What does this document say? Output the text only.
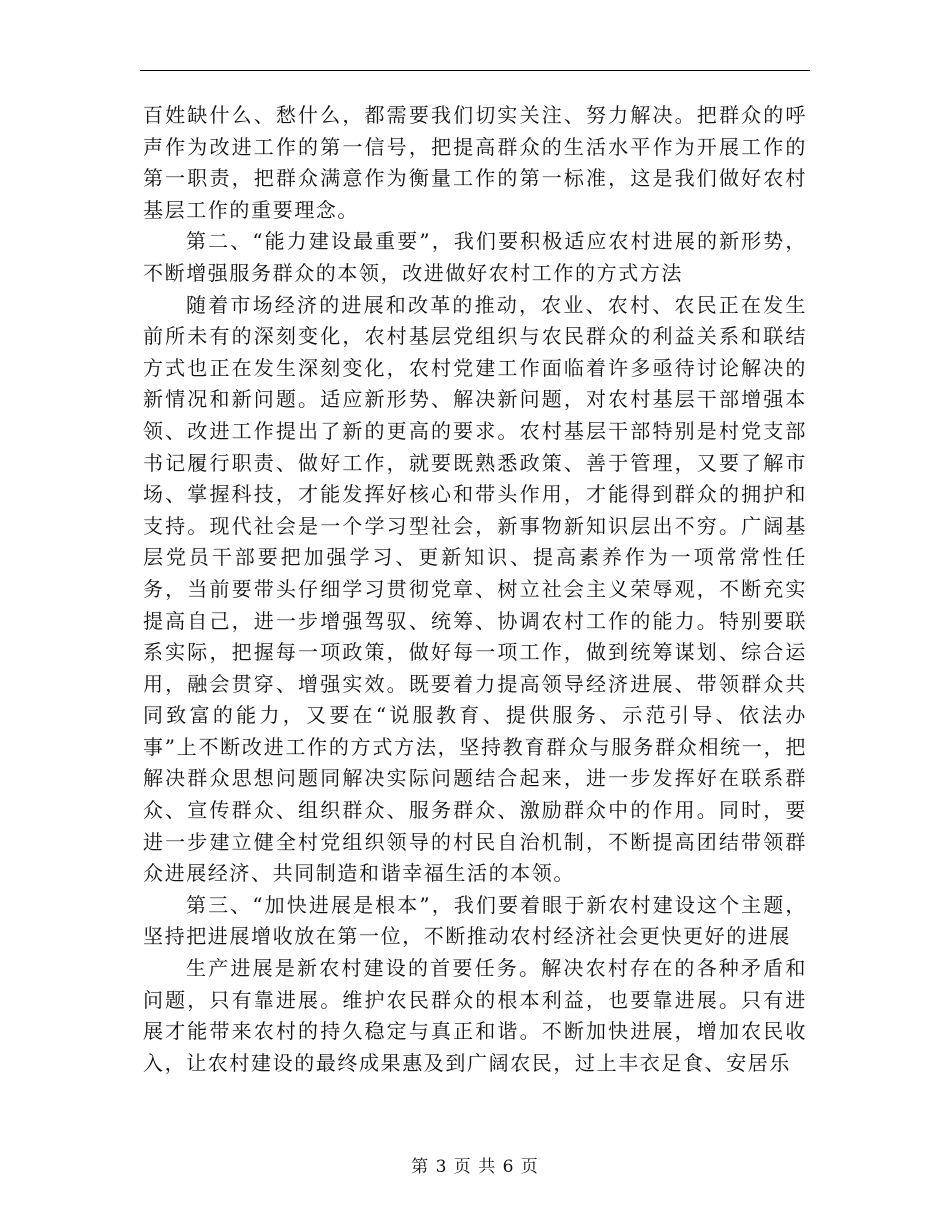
百姓缺什么、愁什么，都需要我们切实关注、努力解决。把群众的呼声作为改进工作的第一信号，把提高群众的生活水平作为开展工作的第一职责，把群众满意作为衡量工作的第一标准，这是我们做好农村基层工作的重要理念。

第二、“能力建设最重要”，我们要积极适应农村进展的新形势，不断增强服务群众的本领，改进做好农村工作的方式方法

随着市场经济的进展和改革的推动，农业、农村、农民正在发生前所未有的深刻变化，农村基层党组织与农民群众的利益关系和联结方式也正在发生深刻变化，农村党建工作面临着许多亟待讨论解决的新情况和新问题。适应新形势、解决新问题，对农村基层干部增强本领、改进工作提出了新的更高的要求。农村基层干部特别是村党支部书记履行职责、做好工作，就要既熟悉政策、善于管理，又要了解市场、掌握科技，才能发挥好核心和带头作用，才能得到群众的拥护和支持。现代社会是一个学习型社会，新事物新知识层出不穷。广阔基层党员干部要把加强学习、更新知识、提高素养作为一项常常性任务，当前要带头仔细学习贯彻党章、树立社会主义荣辱观，不断充实提高自己，进一步增强驾驭、统筹、协调农村工作的能力。特别要联系实际，把握每一项政策，做好每一项工作，做到统筹谋划、综合运用，融会贯穿、增强实效。既要着力提高领导经济进展、带领群众共同致富的能力，又要在“说服教育、提供服务、示范引导、依法办事”上不断改进工作的方式方法，坚持教育群众与服务群众相统一，把解决群众思想问题同解决实际问题结合起来，进一步发挥好在联系群众、宣传群众、组织群众、服务群众、激励群众中的作用。同时，要进一步建立健全村党组织领导的村民自治机制，不断提高团结带领群众进展经济、共同制造和谐幸福生活的本领。

第三、“加快进展是根本”，我们要着眼于新农村建设这个主题，坚持把进展增收放在第一位，不断推动农村经济社会更快更好的进展

生产进展是新农村建设的首要任务。解决农村存在的各种矛盾和问题，只有靠进展。维护农民群众的根本利益，也要靠进展。只有进展才能带来农村的持久稳定与真正和谐。不断加快进展，增加农民收入，让农村建设的最终成果惠及到广阔农民，过上丰衣足食、安居乐

第 3 页 共 6 页
